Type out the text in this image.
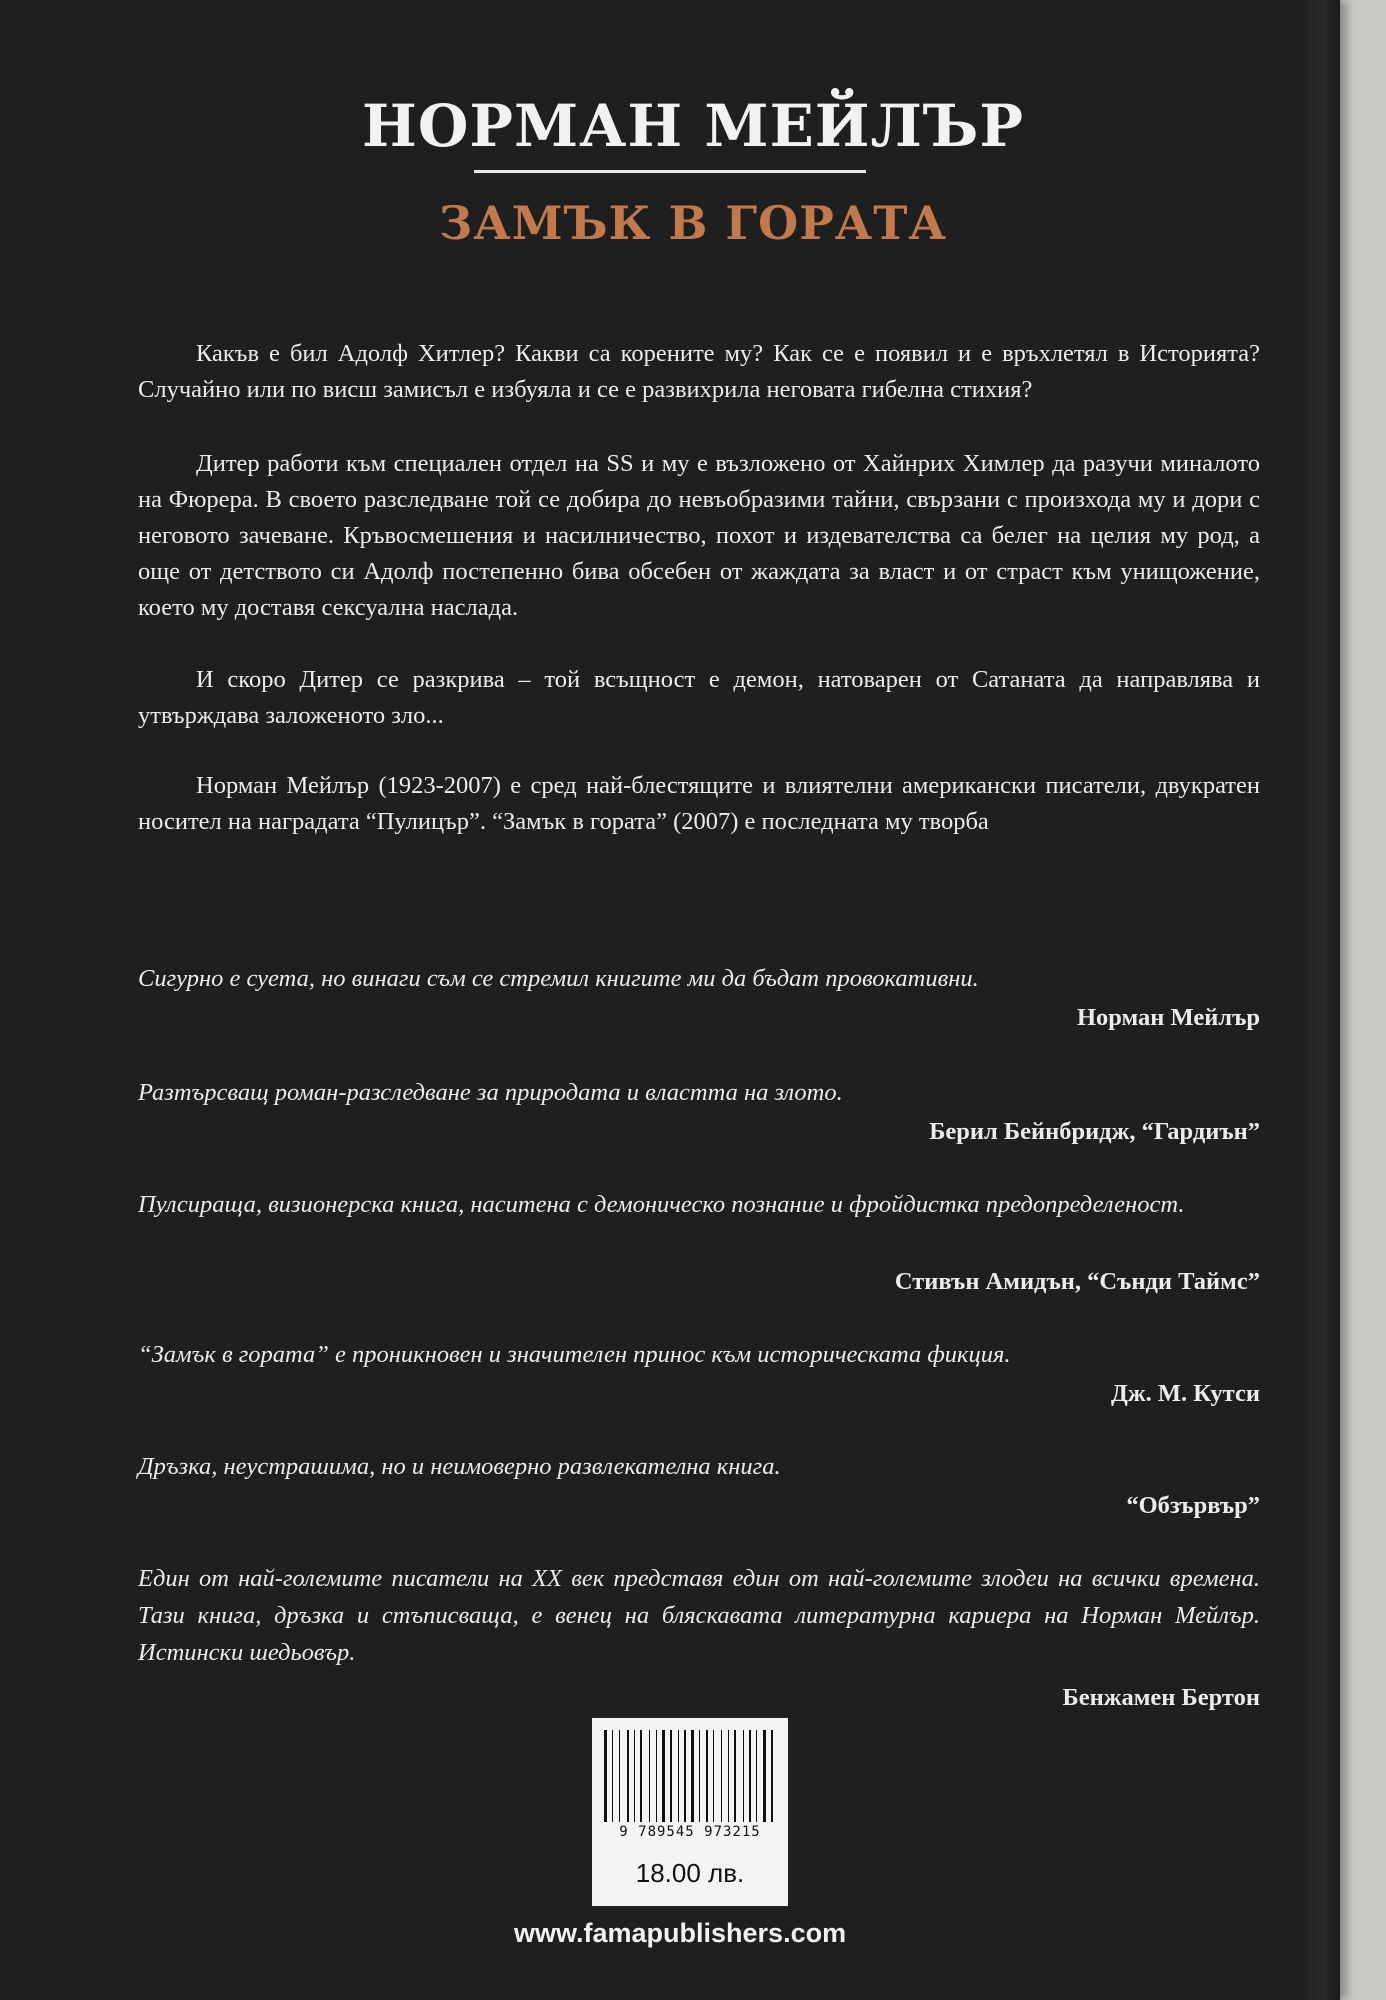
НОРМАН МЕЙЛЪР
ЗАМЪК В ГОРАТА

Какъв е бил Адолф Хитлер? Какви са корените му? Как се е появил и е връхлетял в Историята? Случайно или по висш замисъл е избуяла и се е развихрила неговата гибелна стихия?

Дитер работи към специален отдел на SS и му е възложено от Хайнрих Химлер да разучи миналото на Фюрера. В своето разследване той се добира до невъобразими тайни, свързани с произхода му и дори с неговото зачеване. Кръвосмешения и насилничество, похот и издевателства са белег на целия му род, а още от детството си Адолф постепенно бива обсебен от жаждата за власт и от страст към унищожение, което му доставя сексуална наслада.

И скоро Дитер се разкрива – той всъщност е демон, натоварен от Сатаната да направлява и утвърждава заложеното зло...

Норман Мейлър (1923-2007) е сред най-блестящите и влиятелни американски писатели, двукратен носител на наградата “Пулицър”. “Замък в гората” (2007) е последната му творба

Сигурно е суета, но винаги съм се стремил книгите ми да бъдат провокативни.

Норман Мейлър

Разтърсващ роман-разследване за природата и властта на злото.

Берил Бейнбридж, “Гардиън”

Пулсираща, визионерска книга, наситена с демоническо познание и фройдистка предопределеност.

Стивън Амидън, “Сънди Таймс”

“Замък в гората” е проникновен и значителен принос към историческата фикция.

Дж. М. Кутси

Дръзка, неустрашима, но и неимоверно развлекателна книга.

“Обзървър”

Един от най-големите писатели на XX век представя един от най-големите злодеи на всички времена. Тази книга, дръзка и стъписваща, е венец на бляскавата литературна кариера на Норман Мейлър. Истински шедьовър.

Бенжамен Бертон

9 789545 973215
18.00 лв.
www.famapublishers.com
